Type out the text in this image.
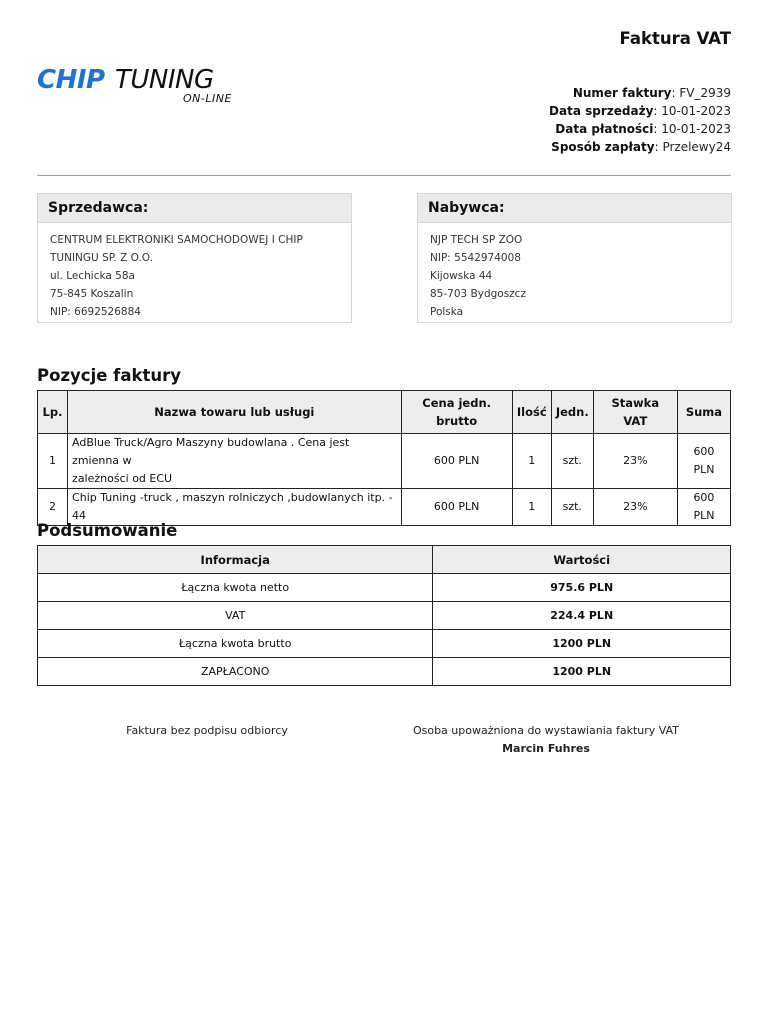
Faktura VAT
CHIP TUNING
ON-LINE	Numer faktury: FV_2939
Data sprzedaży: 10-01-2023
Data płatności: 10-01-2023
Sposób zapłaty: Przelewy24
Sprzedawca:
CENTRUM ELEKTRONIKI SAMOCHODOWEJ I CHIP
TUNINGU SP. Z O.O.
ul. Lechicka 58a
75-845 Koszalin
NIP: 6692526884
Nabywca:
NJP TECH SP ZOO
NIP: 5542974008
Kijowska 44
85-703 Bydgoszcz
Polska
Pozycje faktury
Lp.	Nazwa towaru lub usługi	Cena jedn.
brutto	Ilość	Jedn.	Stawka VAT	Suma
1	AdBlue Truck/Agro Maszyny budowlana . Cena jest zmienna w
zależności od ECU	600 PLN	1	szt.	23%	600 PLN
2	Chip Tuning -truck , maszyn rolniczych ,budowlanych itp. - 44	600 PLN	1	szt.	23%	600 PLN
Podsumowanie
Informacja	Wartości
Łączna kwota netto	975.6 PLN
VAT	224.4 PLN
Łączna kwota brutto	1200 PLN
ZAPŁACONO	1200 PLN
Faktura bez podpisu odbiorcy	Osoba upoważniona do wystawiania faktury VAT
Marcin Fuhres
